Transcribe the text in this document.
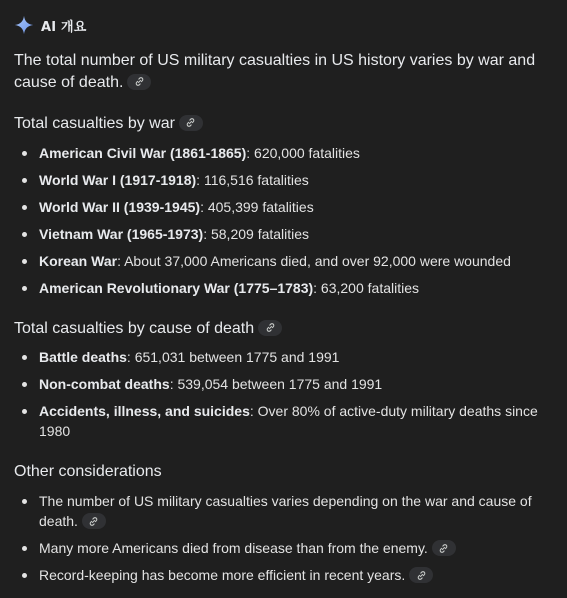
AI 개요
The total number of US military casualties in US history varies by war and cause of death.
Total casualties by war
American Civil War (1861-1865): 620,000 fatalities
World War I (1917-1918): 116,516 fatalities
World War II (1939-1945): 405,399 fatalities
Vietnam War (1965-1973): 58,209 fatalities
Korean War: About 37,000 Americans died, and over 92,000 were wounded
American Revolutionary War (1775–1783): 63,200 fatalities
Total casualties by cause of death
Battle deaths: 651,031 between 1775 and 1991
Non-combat deaths: 539,054 between 1775 and 1991
Accidents, illness, and suicides: Over 80% of active-duty military deaths since 1980
Other considerations
The number of US military casualties varies depending on the war and cause of death.
Many more Americans died from disease than from the enemy.
Record-keeping has become more efficient in recent years.
